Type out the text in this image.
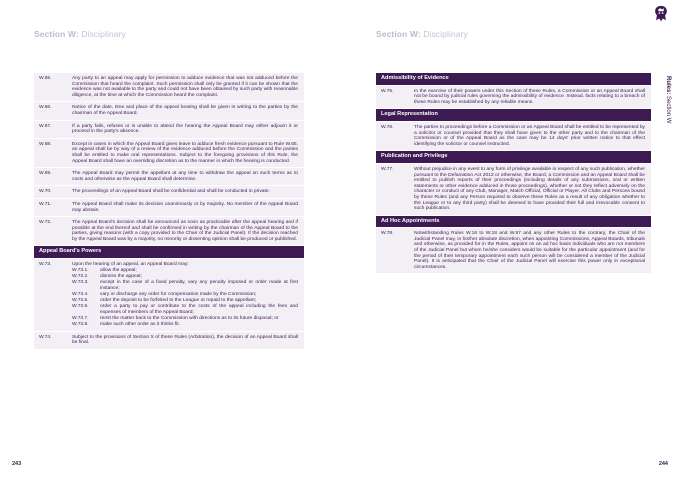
Section W: Disciplinary
W.65.	Any party to an appeal may apply for permission to adduce evidence that was not adduced before the Commission that heard the complaint. Such permission shall only be granted if it can be shown that the evidence was not available to the party and could not have been obtained by such party with reasonable diligence, at the time at which the Commission heard the complaint.
W.66.	Notice of the date, time and place of the appeal hearing shall be given in writing to the parties by the chairman of the Appeal Board.
W.67.	If a party fails, refuses or is unable to attend the hearing the Appeal Board may either adjourn it or proceed in the party's absence.
W.68.	Except in cases in which the Appeal Board gives leave to adduce fresh evidence pursuant to Rule W.65, an appeal shall be by way of a review of the evidence adduced before the Commission and the parties shall be entitled to make oral representations. Subject to the foregoing provisions of this Rule, the Appeal Board shall have an overriding discretion as to the manner in which the hearing is conducted.
W.69.	The Appeal Board may permit the appellant at any time to withdraw the appeal on such terms as to costs and otherwise as the Appeal Board shall determine.
W.70.	The proceedings of an Appeal Board shall be confidential and shall be conducted in private.
W.71.	The Appeal Board shall make its decision unanimously or by majority. No member of the Appeal Board may abstain.
W.72.	The Appeal Board's decision shall be announced as soon as practicable after the appeal hearing and if possible at the end thereof and shall be confirmed in writing by the chairman of the Appeal Board to the parties, giving reasons (with a copy provided to the Chair of the Judicial Panel). If the decision reached by the Appeal Board was by a majority, no minority or dissenting opinion shall be produced or published.
Appeal Board's Powers
W.73.	Upon the hearing of an appeal, an Appeal Board may:
W.73.1.	allow the appeal;
W.73.2.	dismiss the appeal;
W.73.3.	except in the case of a fixed penalty, vary any penalty imposed or order made at first instance;
W.73.4.	vary or discharge any order for compensation made by the Commission;
W.73.5.	order the deposit to be forfeited to the League or repaid to the appellant;
W.73.6.	order a party to pay or contribute to the costs of the appeal including the fees and expenses of members of the Appeal Board;
W.73.7.	remit the matter back to the Commission with directions as to its future disposal; or
W.73.8.	make such other order as it thinks fit.
W.74.	Subject to the provisions of Section X of these Rules (Arbitration), the decision of an Appeal Board shall be final.
243
Section W: Disciplinary
Rules: Section W
Admissibility of Evidence
W.75.	In the exercise of their powers under this Section of these Rules, a Commission or an Appeal Board shall not be bound by judicial rules governing the admissibility of evidence. Instead, facts relating to a breach of these Rules may be established by any reliable means.
Legal Representation
W.76.	The parties to proceedings before a Commission or an Appeal Board shall be entitled to be represented by a solicitor or counsel provided that they shall have given to the other party and to the chairman of the Commission or of the Appeal Board as the case may be 14 days' prior written notice to that effect identifying the solicitor or counsel instructed.
Publication and Privilege
W.77.	Without prejudice in any event to any form of privilege available in respect of any such publication, whether pursuant to the Defamation Act 2013 or otherwise, the Board, a Commission and an Appeal Board shall be entitled to publish reports of their proceedings (including details of any submissions, oral or written statements or other evidence adduced in those proceedings), whether or not they reflect adversely on the character or conduct of any Club, Manager, Match Official, Official or Player. All Clubs and Persons bound by these Rules (and any Person required to observe these Rules as a result of any obligation whether to the League or to any third party) shall be deemed to have provided their full and irrevocable consent to such publication.
Ad Hoc Appointments
W.78.	Notwithstanding Rules W.16 to W.18 and W.57 and any other Rules to the contrary, the Chair of the Judicial Panel may, in his/her absolute discretion, when appointing Commissions, Appeal Boards, tribunals and otherwise, as provided for in the Rules, appoint on an ad hoc basis individuals who are not members of the Judicial Panel but whom he/she considers would be suitable for the particular appointment (and for the period of their temporary appointment each such person will be considered a member of the Judicial Panel). It is anticipated that the Chair of the Judicial Panel will exercise this power only in exceptional circumstances.
244
